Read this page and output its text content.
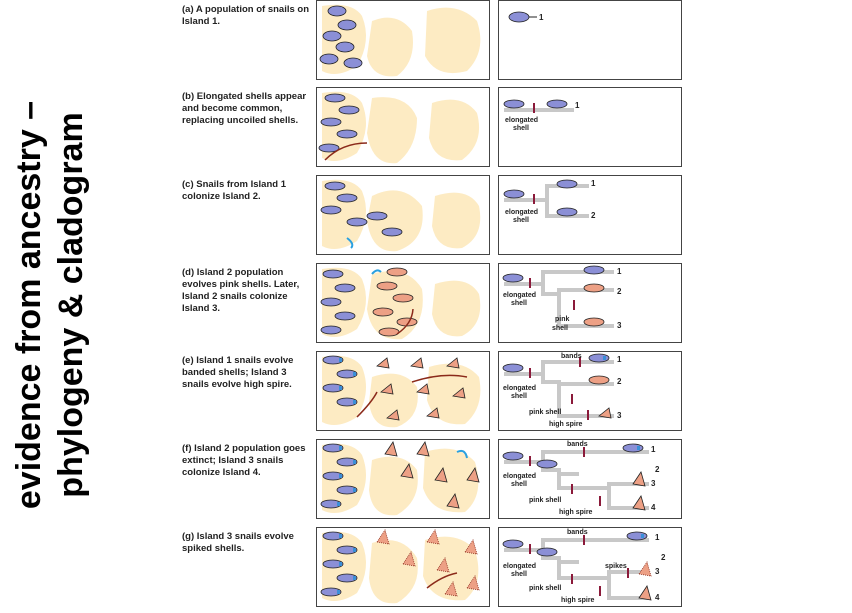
evidence from ancestry – phylogeny & cladogram
(a) A population of snails on Island 1.	1
(b) Elongated shells appear and become common, replacing uncoiled shells.
1
elongated
shell
(c) Snails from Island 1 colonize Island 2.
1
2
elongated
shell
(d) Island 2 population evolves pink shells. Later, Island 2 snails colonize Island 3.
1
2
3
elongated
shell
pink
shell
(e) Island 1 snails evolve banded shells; Island 3 snails evolve high spire.
1
2
3
bands
elongated
shell
pink shell
high spire
(f) Island 2 population goes extinct; Island 3 snails colonize Island 4.
1
2
3
4
bands
elongated
shell
pink shell
high spire
(g) Island 3 snails evolve spiked shells.
1
2
3
4
bands
spikes
elongated
shell
pink shell
high spire
